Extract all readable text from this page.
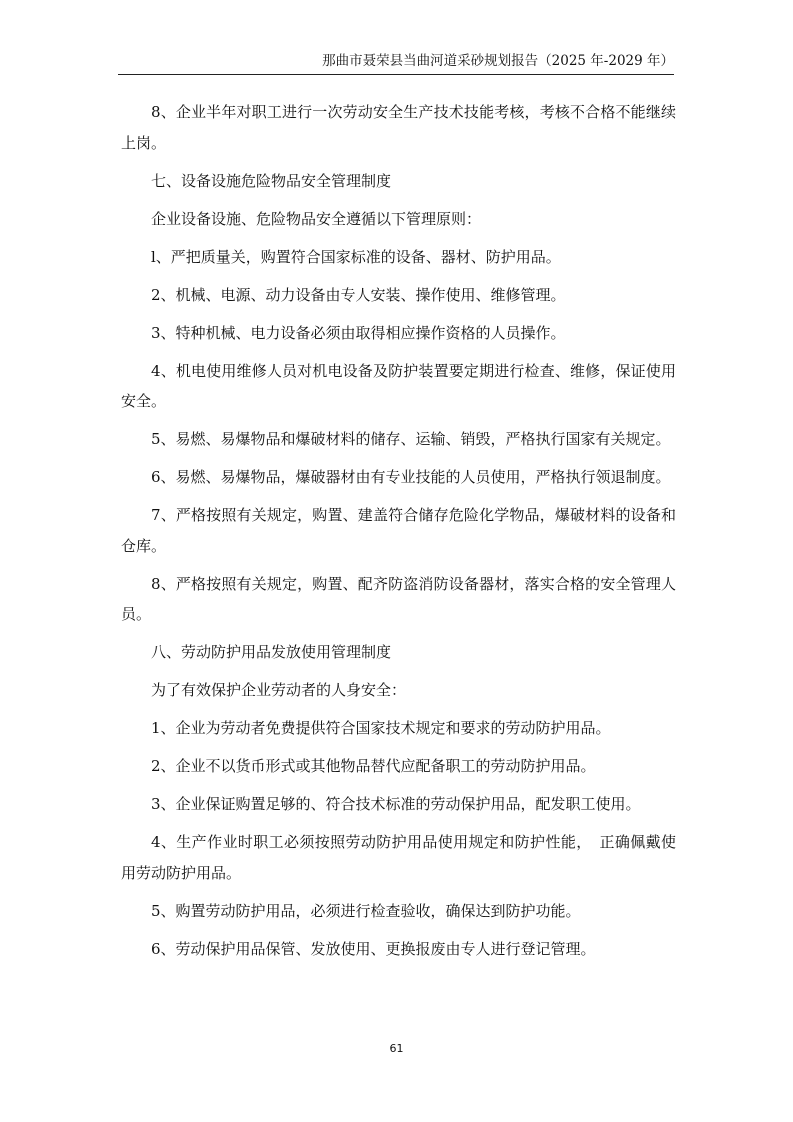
那曲市聂荣县当曲河道采砂规划报告（2025 年-2029 年）

8、企业半年对职工进行一次劳动安全生产技术技能考核，考核不合格不能继续上岗。

七、设备设施危险物品安全管理制度

企业设备设施、危险物品安全遵循以下管理原则：

l、严把质量关，购置符合国家标准的设备、器材、防护用品。

2、机械、电源、动力设备由专人安装、操作使用、维修管理。

3、特种机械、电力设备必须由取得相应操作资格的人员操作。

4、机电使用维修人员对机电设备及防护装置要定期进行检查、维修，保证使用安全。

5、易燃、易爆物品和爆破材料的储存、运输、销毁，严格执行国家有关规定。

6、易燃、易爆物品，爆破器材由有专业技能的人员使用，严格执行领退制度。

7、严格按照有关规定，购置、建盖符合储存危险化学物品，爆破材料的设备和仓库。

8、严格按照有关规定，购置、配齐防盗消防设备器材，落实合格的安全管理人员。

八、劳动防护用品发放使用管理制度

为了有效保护企业劳动者的人身安全：

1、企业为劳动者免费提供符合国家技术规定和要求的劳动防护用品。

2、企业不以货币形式或其他物品替代应配备职工的劳动防护用品。

3、企业保证购置足够的、符合技术标准的劳动保护用品，配发职工使用。

4、生产作业时职工必须按照劳动防护用品使用规定和防护性能，　正确佩戴使用劳动防护用品。

5、购置劳动防护用品，必须进行检查验收，确保达到防护功能。

6、劳动保护用品保管、发放使用、更换报废由专人进行登记管理。

61
